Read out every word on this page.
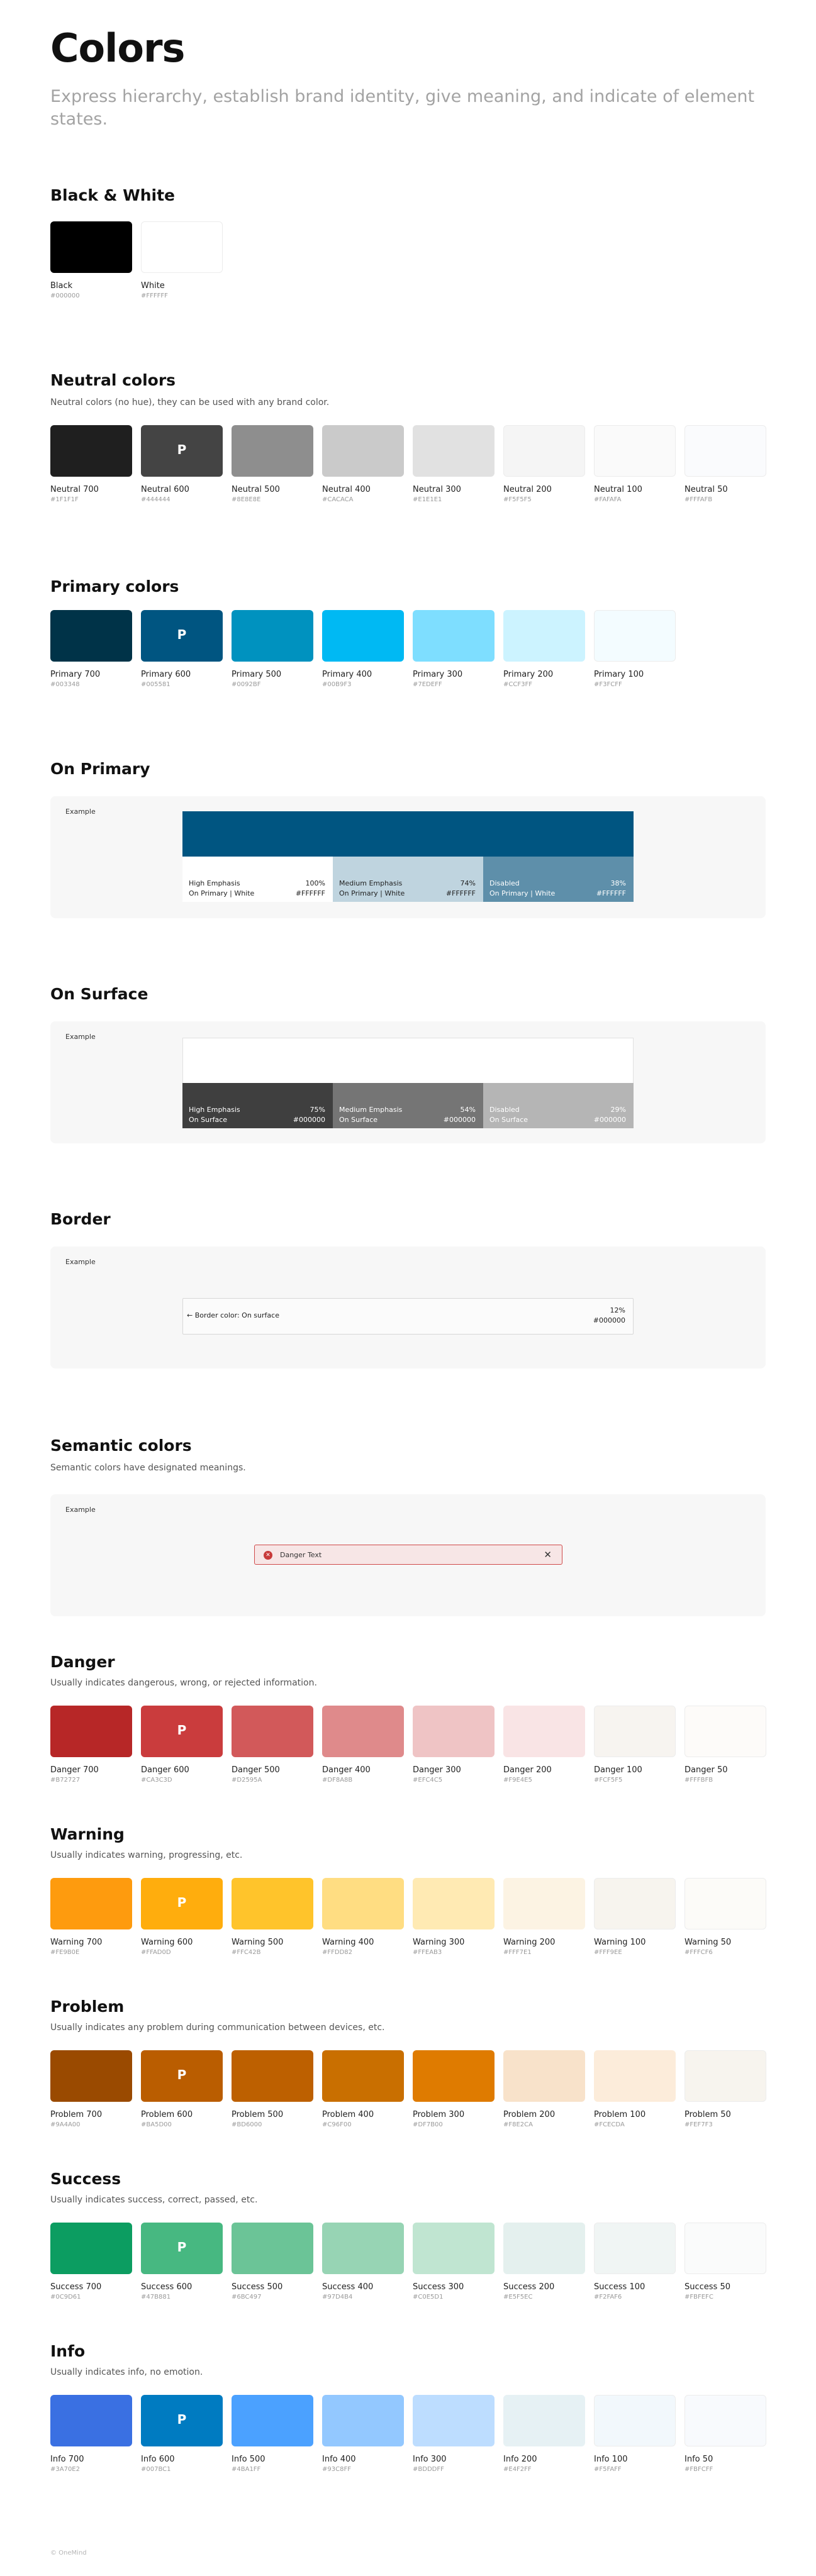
Colors

Express hierarchy, establish brand identity, give meaning, and indicate of element states.

Black & White
Black
#000000
White
#FFFFFF
Neutral colors
Neutral colors (no hue), they can be used with any brand color.
Neutral 700
#1F1F1F
P
Neutral 600
#444444
Neutral 500
#8E8E8E
Neutral 400
#CACACA
Neutral 300
#E1E1E1
Neutral 200
#F5F5F5
Neutral 100
#FAFAFA
Neutral 50
#FFFAFB
Primary colors
Primary 700
#003348
P
Primary 600
#005581
Primary 500
#0092BF
Primary 400
#00B9F3
Primary 300
#7EDEFF
Primary 200
#CCF3FF
Primary 100
#F3FCFF
On Primary
Example
High Emphasis
On Primary | White
100%
#FFFFFF
Medium Emphasis
On Primary | White
74%
#FFFFFF
Disabled
On Primary | White
38%
#FFFFFF
On Surface
Example
High Emphasis
On Surface
75%
#000000
Medium Emphasis
On Surface
54%
#000000
Disabled
On Surface
29%
#000000
Border
Example
← Border color: On surface
12%
#000000
Semantic colors
Semantic colors have designated meanings.
Example
✕ Danger Text	✕
Danger
Usually indicates dangerous, wrong, or rejected information.
Danger 700
#B72727
P
Danger 600
#CA3C3D
Danger 500
#D2595A
Danger 400
#DF8A8B
Danger 300
#EFC4C5
Danger 200
#F9E4E5
Danger 100
#FCF5F5
Danger 50
#FFFBFB
Warning
Usually indicates warning, progressing, etc.
Warning 700
#FE9B0E
P
Warning 600
#FFAD0D
Warning 500
#FFC42B
Warning 400
#FFDD82
Warning 300
#FFEAB3
Warning 200
#FFF7E1
Warning 100
#FFF9EE
Warning 50
#FFFCF6
Problem
Usually indicates any problem during communication between devices, etc.
Problem 700
#9A4A00
P
Problem 600
#BA5D00
Problem 500
#BD6000
Problem 400
#C96F00
Problem 300
#DF7B00
Problem 200
#F8E2CA
Problem 100
#FCECDA
Problem 50
#FEF7F3
Success
Usually indicates success, correct, passed, etc.
Success 700
#0C9D61
P
Success 600
#47B881
Success 500
#6BC497
Success 400
#97D4B4
Success 300
#C0E5D1
Success 200
#E5F5EC
Success 100
#F2FAF6
Success 50
#FBFEFC
Info
Usually indicates info, no emotion.
Info 700
#3A70E2
P
Info 600
#007BC1
Info 500
#4BA1FF
Info 400
#93C8FF
Info 300
#BDDDFF
Info 200
#E4F2FF
Info 100
#F5FAFF
Info 50
#FBFCFF
© OneMind
